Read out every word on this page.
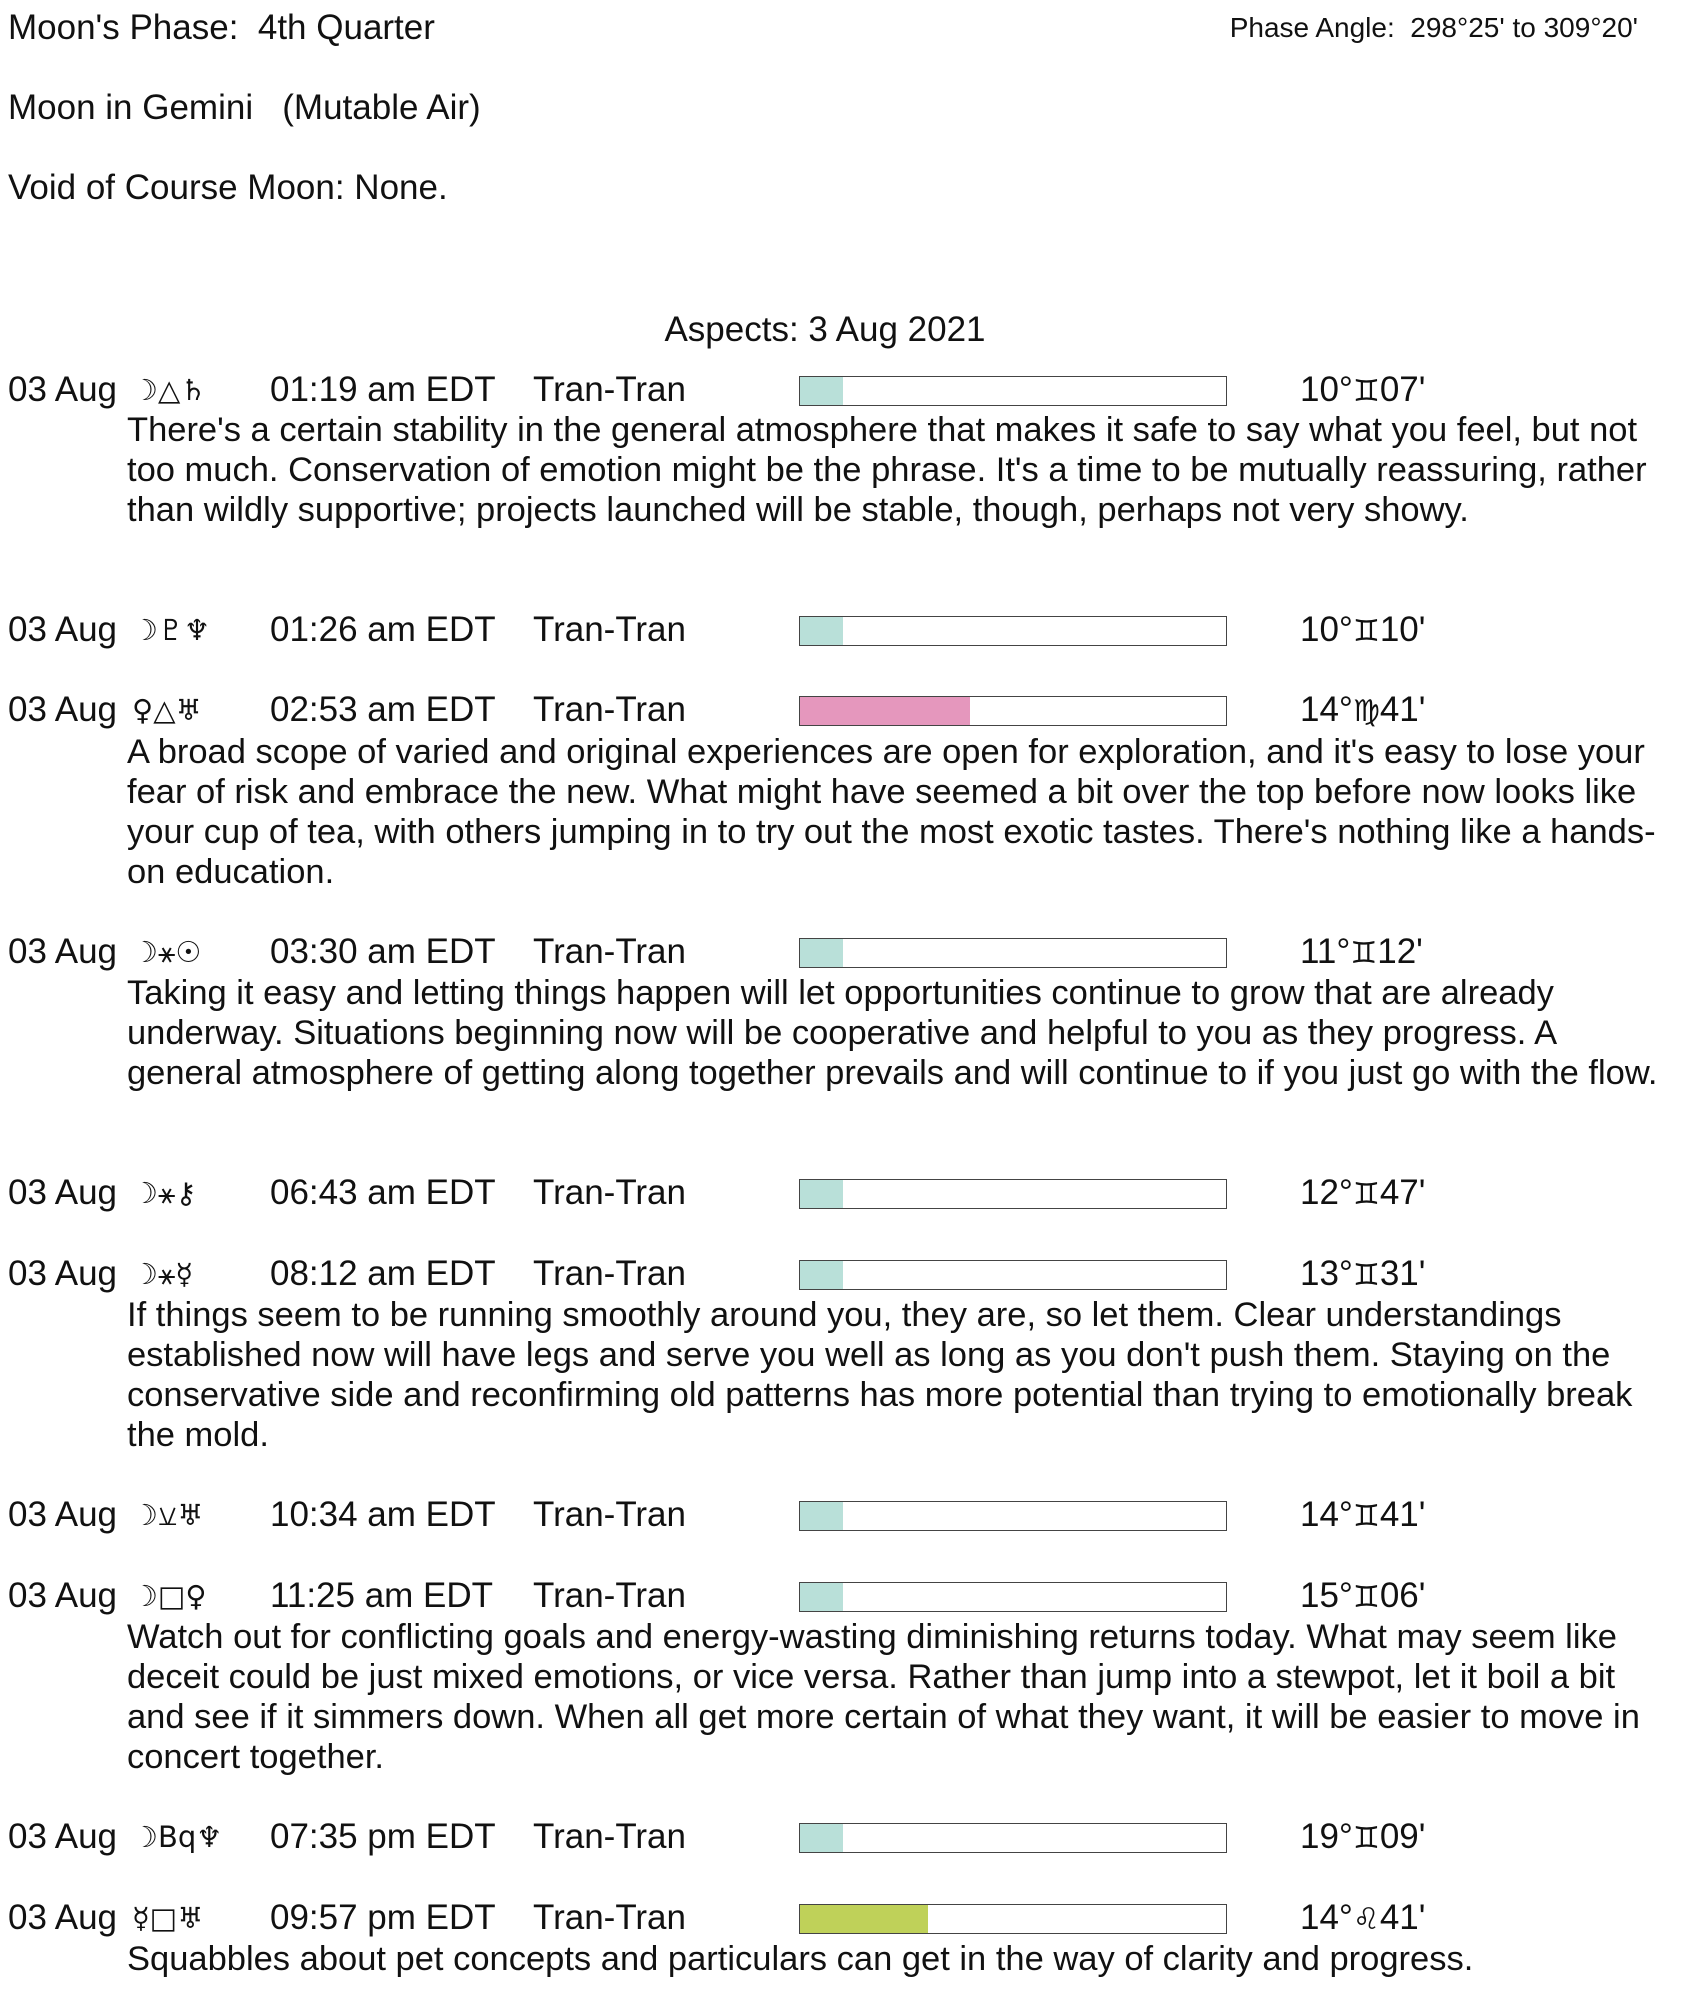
Moon's Phase:  4th Quarter	Phase Angle:  298°25' to 309°20'
Moon in Gemini   (Mutable Air)
Void of Course Moon: None.
Aspects: 3 Aug 2021
03 Aug ☽△♄ 01:19 am EDT Tran-Tran	10°♊07'
There's a certain stability in the general atmosphere that makes it safe to say what you feel, but not too much. Conservation of emotion might be the phrase. It's a time to be mutually reassuring, rather than wildly supportive; projects launched will be stable, though, perhaps not very showy.
03 Aug ☽♇♆ 01:26 am EDT Tran-Tran	10°♊10'
03 Aug ♀△♅ 02:53 am EDT Tran-Tran	14°♍41'
A broad scope of varied and original experiences are open for exploration, and it's easy to lose your fear of risk and embrace the new. What might have seemed a bit over the top before now looks like your cup of tea, with others jumping in to try out the most exotic tastes. There's nothing like a hands-on education.
03 Aug ☽⚹☉ 03:30 am EDT Tran-Tran	11°♊12'
Taking it easy and letting things happen will let opportunities continue to grow that are already underway. Situations beginning now will be cooperative and helpful to you as they progress. A general atmosphere of getting along together prevails and will continue to if you just go with the flow.
03 Aug ☽⚹⚷ 06:43 am EDT Tran-Tran	12°♊47'
03 Aug ☽⚹☿ 08:12 am EDT Tran-Tran	13°♊31'
If things seem to be running smoothly around you, they are, so let them. Clear understandings established now will have legs and serve you well as long as you don't push them. Staying on the conservative side and reconfirming old patterns has more potential than trying to emotionally break the mold.
03 Aug ☽⚺♅ 10:34 am EDT Tran-Tran	14°♊41'
03 Aug ☽□♀ 11:25 am EDT Tran-Tran	15°♊06'
Watch out for conflicting goals and energy-wasting diminishing returns today. What may seem like deceit could be just mixed emotions, or vice versa. Rather than jump into a stewpot, let it boil a bit and see if it simmers down. When all get more certain of what they want, it will be easier to move in concert together.
03 Aug ☽Bq♆ 07:35 pm EDT Tran-Tran	19°♊09'
03 Aug ☿□♅ 09:57 pm EDT Tran-Tran	14°♌41'
Squabbles about pet concepts and particulars can get in the way of clarity and progress.
